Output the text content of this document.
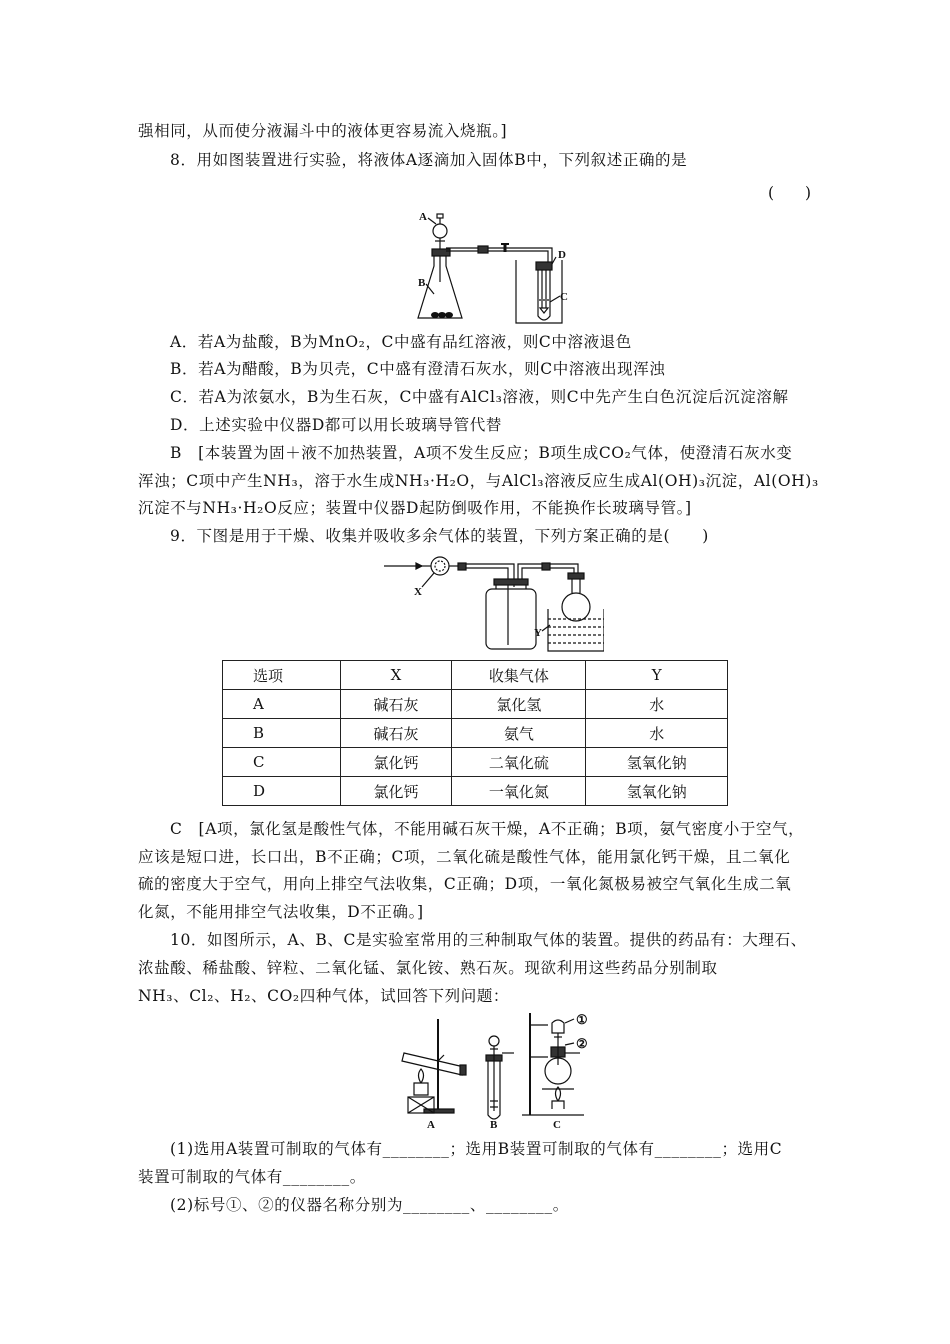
强相同，从而使分液漏斗中的液体更容易流入烧瓶。]
8．用如图装置进行实验，将液体A逐滴加入固体B中，下列叙述正确的是
(　　)
A
B
D
C
A．若A为盐酸，B为MnO₂，C中盛有品红溶液，则C中溶液退色
B．若A为醋酸，B为贝壳，C中盛有澄清石灰水，则C中溶液出现浑浊
C．若A为浓氨水，B为生石灰，C中盛有AlCl₃溶液，则C中先产生白色沉淀后沉淀溶解
D．上述实验中仪器D都可以用长玻璃导管代替
B　[本装置为固＋液不加热装置，A项不发生反应；B项生成CO₂气体，使澄清石灰水变
浑浊；C项中产生NH₃，溶于水生成NH₃·H₂O，与AlCl₃溶液反应生成Al(OH)₃沉淀，Al(OH)₃
沉淀不与NH₃·H₂O反应；装置中仪器D起防倒吸作用，不能换作长玻璃导管。]
9．下图是用于干燥、收集并吸收多余气体的装置，下列方案正确的是(　　)
X
Y
选项	X	收集气体	Y
A	碱石灰	氯化氢	水
B	碱石灰	氨气	水
C	氯化钙	二氧化硫	氢氧化钠
D	氯化钙	一氧化氮	氢氧化钠
C　[A项，氯化氢是酸性气体，不能用碱石灰干燥，A不正确；B项，氨气密度小于空气，
应该是短口进，长口出，B不正确；C项，二氧化硫是酸性气体，能用氯化钙干燥，且二氧化
硫的密度大于空气，用向上排空气法收集，C正确；D项，一氧化氮极易被空气氧化生成二氧
化氮，不能用排空气法收集，D不正确。]
10．如图所示，A、B、C是实验室常用的三种制取气体的装置。提供的药品有：大理石、
浓盐酸、稀盐酸、锌粒、二氧化锰、氯化铵、熟石灰。现欲利用这些药品分别制取
NH₃、Cl₂、H₂、CO₂四种气体，试回答下列问题：
A	B	C
①
②
(1)选用A装置可制取的气体有________；选用B装置可制取的气体有________；选用C
装置可制取的气体有________。
(2)标号①、②的仪器名称分别为________、________。
